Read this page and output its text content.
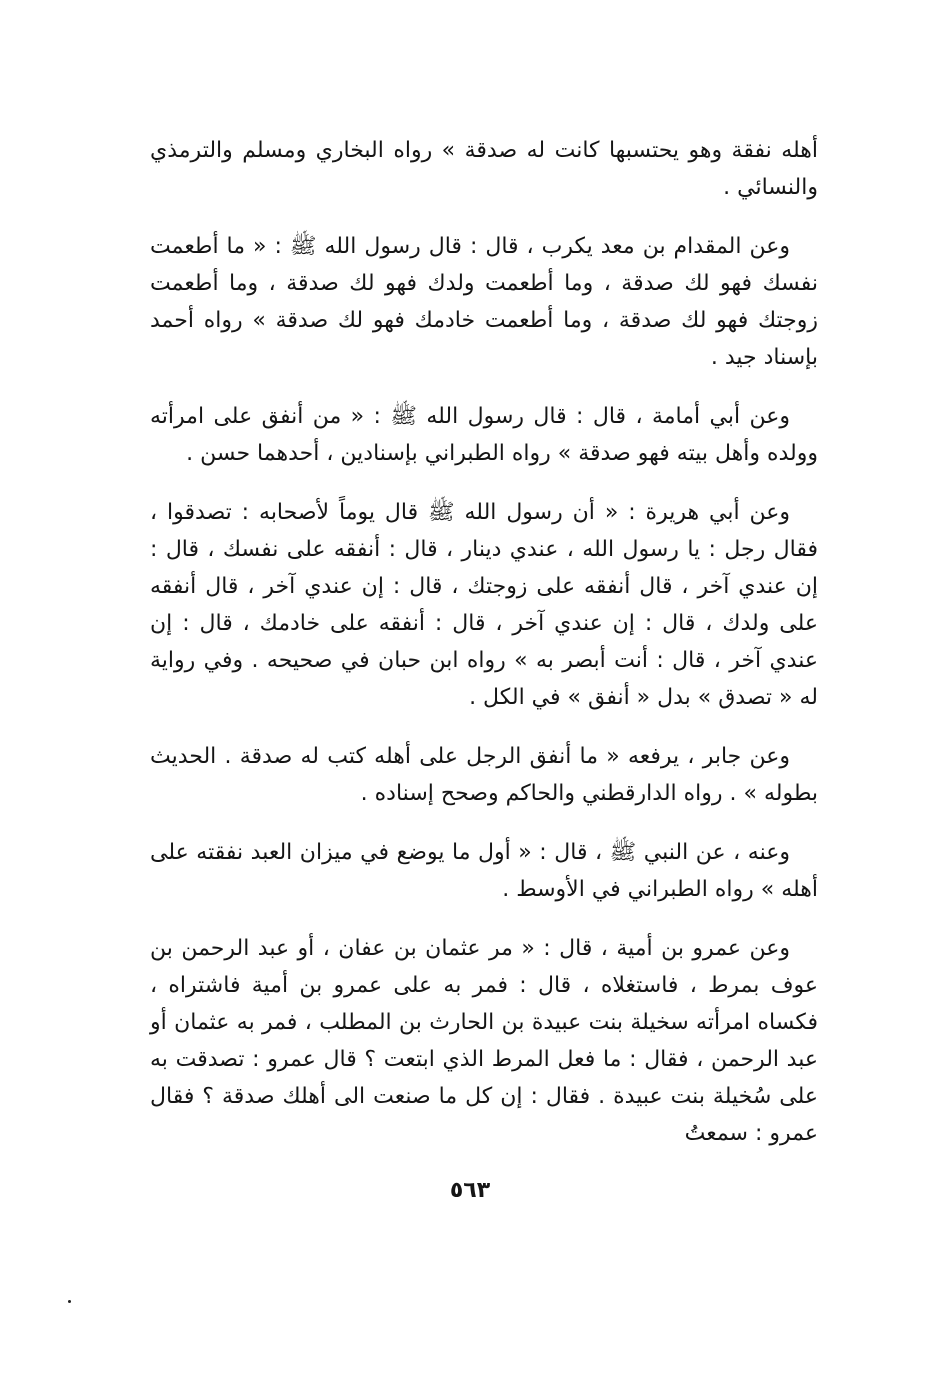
أهله نفقة وهو يحتسبها كانت له صدقة » رواه البخاري ومسلم والترمذي والنسائي .

وعن المقدام بن معد يكرب ، قال : قال رسول الله ﷺ : « ما أطعمت نفسك فهو لك صدقة ، وما أطعمت ولدك فهو لك صدقة ، وما أطعمت زوجتك فهو لك صدقة ، وما أطعمت خادمك فهو لك صدقة » رواه أحمد بإسناد جيد .

وعن أبي أمامة ، قال : قال رسول الله ﷺ : « من أنفق على امرأته وولده وأهل بيته فهو صدقة » رواه الطبراني بإسنادين ، أحدهما حسن .

وعن أبي هريرة : « أن رسول الله ﷺ قال يوماً لأصحابه : تصدقوا ، فقال رجل : يا رسول الله ، عندي دينار ، قال : أنفقه على نفسك ، قال : إن عندي آخر ، قال أنفقه على زوجتك ، قال : إن عندي آخر ، قال أنفقه على ولدك ، قال : إن عندي آخر ، قال : أنفقه على خادمك ، قال : إن عندي آخر ، قال : أنت أبصر به » رواه ابن حبان في صحيحه . وفي رواية له « تصدق » بدل « أنفق » في الكل .

وعن جابر ، يرفعه « ما أنفق الرجل على أهله كتب له صدقة . الحديث بطوله » . رواه الدارقطني والحاكم وصحح إسناده .

وعنه ، عن النبي ﷺ ، قال : « أول ما يوضع في ميزان العبد نفقته على أهله » رواه الطبراني في الأوسط .

وعن عمرو بن أمية ، قال : « مر عثمان بن عفان ، أو عبد الرحمن بن عوف بمرط ، فاستغلاه ، قال : فمر به على عمرو بن أمية فاشتراه ، فكساه امرأته سخيلة بنت عبيدة بن الحارث بن المطلب ، فمر به عثمان أو عبد الرحمن ، فقال : ما فعل المرط الذي ابتعت ؟ قال عمرو : تصدقت به على سُخيلة بنت عبيدة . فقال : إن كل ما صنعت الى أهلك صدقة ؟ فقال عمرو : سمعتُ

٥٦٣
